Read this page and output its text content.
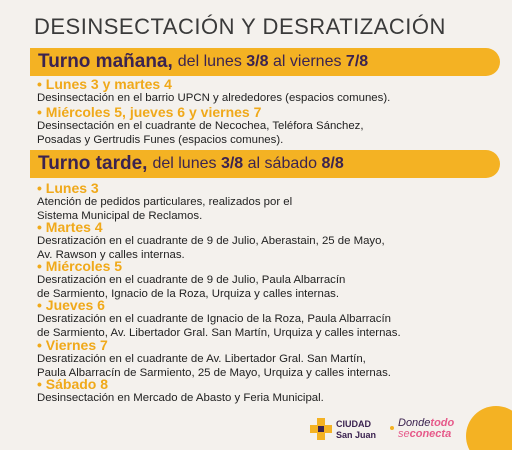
DESINSECTACIÓN Y DESRATIZACIÓN
Turno mañana, del lunes 3/8 al viernes 7/8
• Lunes 3 y martes 4
Desinsectación en el barrio UPCN y alrededores (espacios comunes).
• Miércoles 5, jueves 6 y viernes 7
Desinsectación en el cuadrante de Necochea, Teléfora Sánchez,
Posadas y Gertrudis Funes (espacios comunes).
Turno tarde, del lunes 3/8 al sábado 8/8
• Lunes 3
Atención de pedidos particulares, realizados por el
Sistema Municipal de Reclamos.
• Martes 4
Desratización en el cuadrante de 9 de Julio, Aberastain, 25 de Mayo,
Av. Rawson y calles internas.
• Miércoles 5
Desratización en el cuadrante de 9 de Julio, Paula Albarracín
de Sarmiento, Ignacio de la Roza, Urquiza y calles internas.
• Jueves 6
Desratización en el cuadrante de Ignacio de la Roza, Paula Albarracín
de Sarmiento, Av. Libertador Gral. San Martín, Urquiza y calles internas.
• Viernes 7
Desratización en el cuadrante de Av. Libertador Gral. San Martín,
Paula Albarracín de Sarmiento, 25 de Mayo, Urquiza y calles internas.
• Sábado 8
Desinsectación en Mercado de Abasto y Feria Municipal.
CIUDAD
San Juan
Dondetodo
seconecta
